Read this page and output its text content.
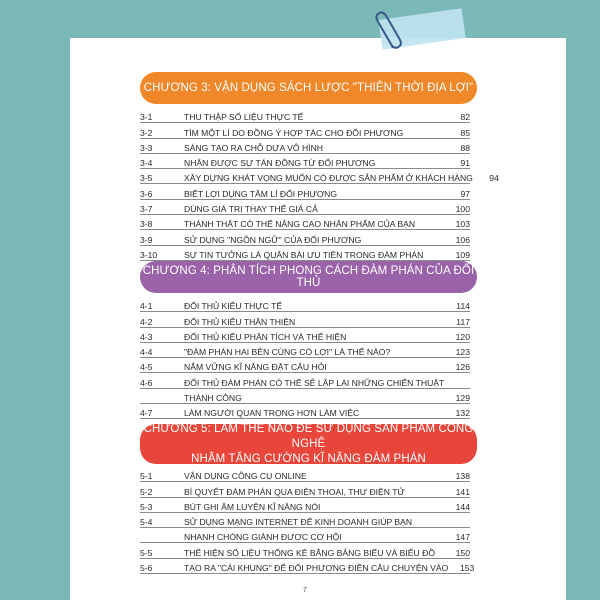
CHƯƠNG 3: VẬN DỤNG SÁCH LƯỢC "THIÊN THỜI ĐỊA LỢI"
3-1	THU THẬP SỐ LIỆU THỰC TẾ	82
3-2	TÌM MỘT LÍ DO ĐỒNG Ý HỢP TÁC CHO ĐỐI PHƯƠNG	85
3-3	SÁNG TẠO RA CHỖ DỰA VÔ HÌNH	88
3-4	NHẬN ĐƯỢC SỰ TÁN ĐỒNG TỪ ĐỐI PHƯƠNG	91
3-5	XÂY DỰNG KHÁT VỌNG MUỐN CÓ ĐƯỢC SẢN PHẨM Ở KHÁCH HÀNG	94
3-6	BIẾT LỢI DỤNG TÂM LÍ ĐỐI PHƯƠNG	97
3-7	DÙNG GIÁ TRỊ THAY THẾ GIÁ CẢ	100
3-8	THÀNH THẬT CÓ THỂ NÂNG CAO NHÂN PHẨM CỦA BẠN	103
3-9	SỬ DỤNG "NGÔN NGỮ" CỦA ĐỐI PHƯƠNG	106
3-10	SỰ TIN TƯỞNG LÀ QUÂN BÀI ƯU TIÊN TRONG ĐÀM PHÁN	109
CHƯƠNG 4: PHÂN TÍCH PHONG CÁCH ĐÀM PHÁN CỦA ĐỐI THỦ
4-1	ĐỐI THỦ KIỂU THỰC TẾ	114
4-2	ĐỐI THỦ KIỂU THÂN THIỆN	117
4-3	ĐỐI THỦ KIỂU PHÂN TÍCH VÀ THỂ HIỆN	120
4-4	"ĐÀM PHÁN HAI BÊN CÙNG CÓ LỢI" LÀ THẾ NÀO?	123
4-5	NẮM VỮNG KĨ NĂNG ĐẶT CÂU HỎI	126
4-6	ĐỐI THỦ ĐÀM PHÁN CÓ THỂ SẼ LẬP LẠI NHỮNG CHIẾN THUẬT
THÀNH CÔNG	129
4-7	LÀM NGƯỜI QUAN TRỌNG HƠN LÀM VIỆC	132
CHƯƠNG 5: LÀM THẾ NÀO ĐỂ SỬ DỤNG SẢN PHẨM CÔNG NGHỆ
NHẰM TĂNG CƯỜNG KĨ NĂNG ĐÀM PHÁN
5-1	VẬN DỤNG CÔNG CỤ ONLINE	138
5-2	BÍ QUYẾT ĐÀM PHÁN QUA ĐIỆN THOẠI, THƯ ĐIỆN TỬ	141
5-3	BÚT GHI ÂM LUYỆN KĨ NĂNG NÓI	144
5-4	SỬ DỤNG MẠNG INTERNET ĐỂ KINH DOANH GIÚP BẠN
NHANH CHÓNG GIÀNH ĐƯỢC CƠ HỘI	147
5-5	THỂ HIỆN SỐ LIỆU THỐNG KÊ BẰNG BẢNG BIỂU VÀ BIỂU ĐỒ	150
5-6	TẠO RA "CÁI KHUNG" ĐỂ ĐỐI PHƯƠNG ĐIỀN CÂU CHUYỆN VÀO	153
7
